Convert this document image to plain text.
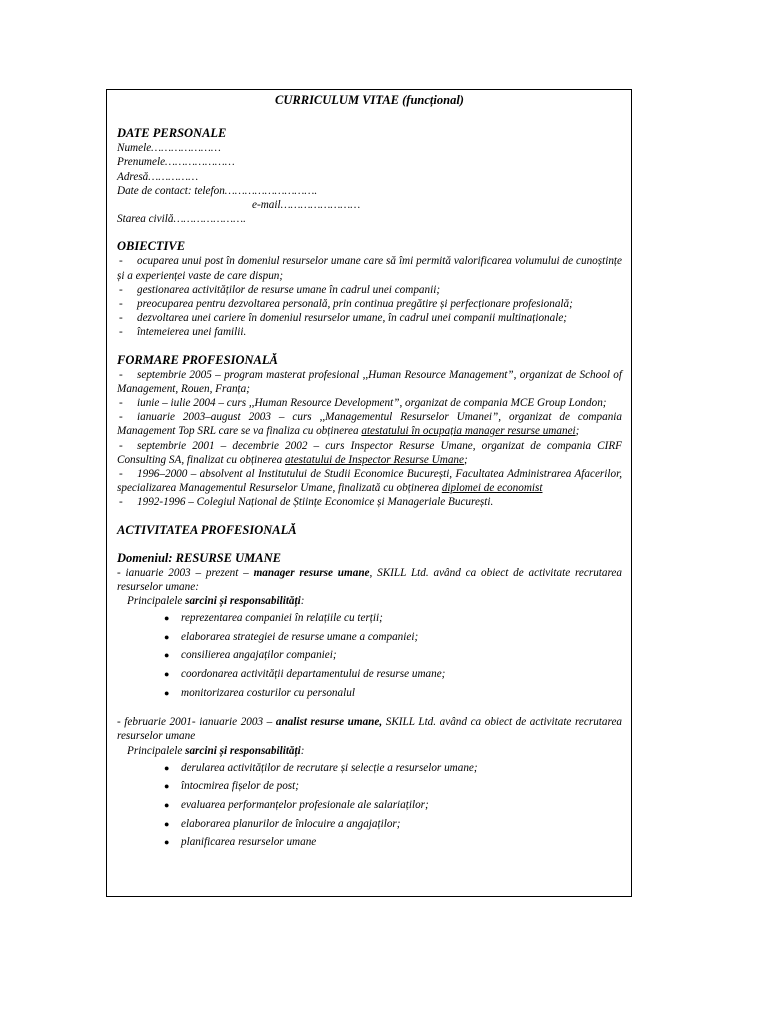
CURRICULUM VITAE (funcțional)
DATE PERSONALE
Numele…………………
Prenumele…………………
Adresă……………
Date de contact: telefon……………………….
e-mail……………………
Starea civilă………………….
OBIECTIVE
- ocuparea unui post în domeniul resurselor umane care să îmi permită valorificarea volumului de cunoștințe și a experienței vaste de care dispun;
- gestionarea activităților de resurse umane în cadrul unei companii;
- preocuparea pentru dezvoltarea personală, prin continua pregătire și perfecționare profesională;
- dezvoltarea unei cariere în domeniul resurselor umane, în cadrul unei companii multinaționale;
- întemeierea unei familii.
FORMARE PROFESIONALĂ
- septembrie 2005 – program masterat profesional ,,Human Resource Management”, organizat de School of Management, Rouen, Franța;
- iunie – iulie 2004 – curs ,,Human Resource Development”, organizat de compania MCE Group London;
- ianuarie 2003–august 2003 – curs ,,Managementul Resurselor Umanei”, organizat de compania Management Top SRL care se va finaliza cu obținerea atestatului în ocupația manager resurse umanei;
- septembrie 2001 – decembrie 2002 – curs Inspector Resurse Umane, organizat de compania CIRF Consulting SA, finalizat cu obținerea atestatului de Inspector Resurse Umane;
- 1996–2000 – absolvent al Institutului de Studii Economice București, Facultatea Administrarea Afacerilor, specializarea Managementul Resurselor Umane, finalizată cu obținerea diplomei de economist
- 1992-1996 – Colegiul Național de Științe Economice și Manageriale București.
ACTIVITATEA PROFESIONALĂ
Domeniul: RESURSE UMANE
- ianuarie 2003 – prezent – manager resurse umane, SKILL Ltd. având ca obiect de activitate recrutarea resurselor umane:
Principalele sarcini și responsabilități:
● reprezentarea companiei în relațiile cu terții;
● elaborarea strategiei de resurse umane a companiei;
● consilierea angajaților companiei;
● coordonarea activității departamentului de resurse umane;
● monitorizarea costurilor cu personalul
- februarie 2001- ianuarie 2003 – analist resurse umane, SKILL Ltd. având ca obiect de activitate recrutarea resurselor umane
Principalele sarcini și responsabilități:
● derularea activităților de recrutare și selecție a resurselor umane;
● întocmirea fișelor de post;
● evaluarea performanțelor profesionale ale salariaților;
● elaborarea planurilor de înlocuire a angajaților;
● planificarea resurselor umane
